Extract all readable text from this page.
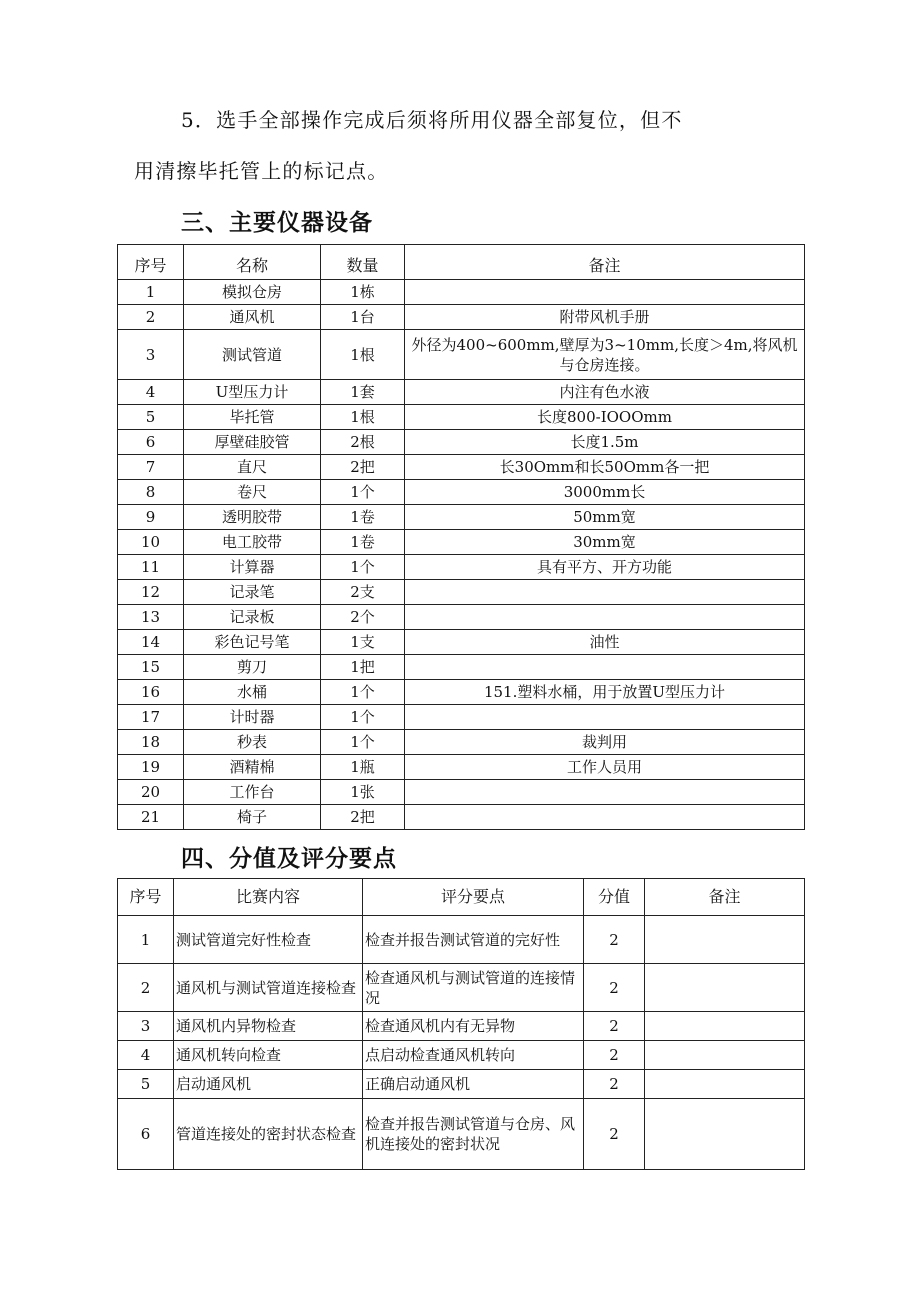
5．选手全部操作完成后须将所用仪器全部复位，但不
用清擦毕托管上的标记点。
三、主要仪器设备
序号	名称	数量	备注
1	模拟仓房	1栋	
2	通风机	1台	附带风机手册
3	测试管道	1根	外径为400~600mm,壁厚为3~10mm,长度＞4m,将风机与仓房连接。
4	U型压力计	1套	内注有色水液
5	毕托管	1根	长度800-IOOOmm
6	厚壁硅胶管	2根	长度1.5m
7	直尺	2把	长30Omm和长50Omm各一把
8	卷尺	1个	3000mm长
9	透明胶带	1卷	50mm宽
10	电工胶带	1卷	30mm宽
11	计算器	1个	具有平方、开方功能
12	记录笔	2支	
13	记录板	2个	
14	彩色记号笔	1支	油性
15	剪刀	1把	
16	水桶	1个	151.塑料水桶，用于放置U型压力计
17	计时器	1个	
18	秒表	1个	裁判用
19	酒精棉	1瓶	工作人员用
20	工作台	1张	
21	椅子	2把	
四、分值及评分要点
序号	比赛内容	评分要点	分值	备注
1	测试管道完好性检查	检查并报告测试管道的完好性	2	
2	通风机与测试管道连接检查	检查通风机与测试管道的连接情况	2	
3	通风机内异物检查	检查通风机内有无异物	2	
4	通风机转向检查	点启动检查通风机转向	2	
5	启动通风机	正确启动通风机	2	
6	管道连接处的密封状态检查	检查并报告测试管道与仓房、风机连接处的密封状况	2	
